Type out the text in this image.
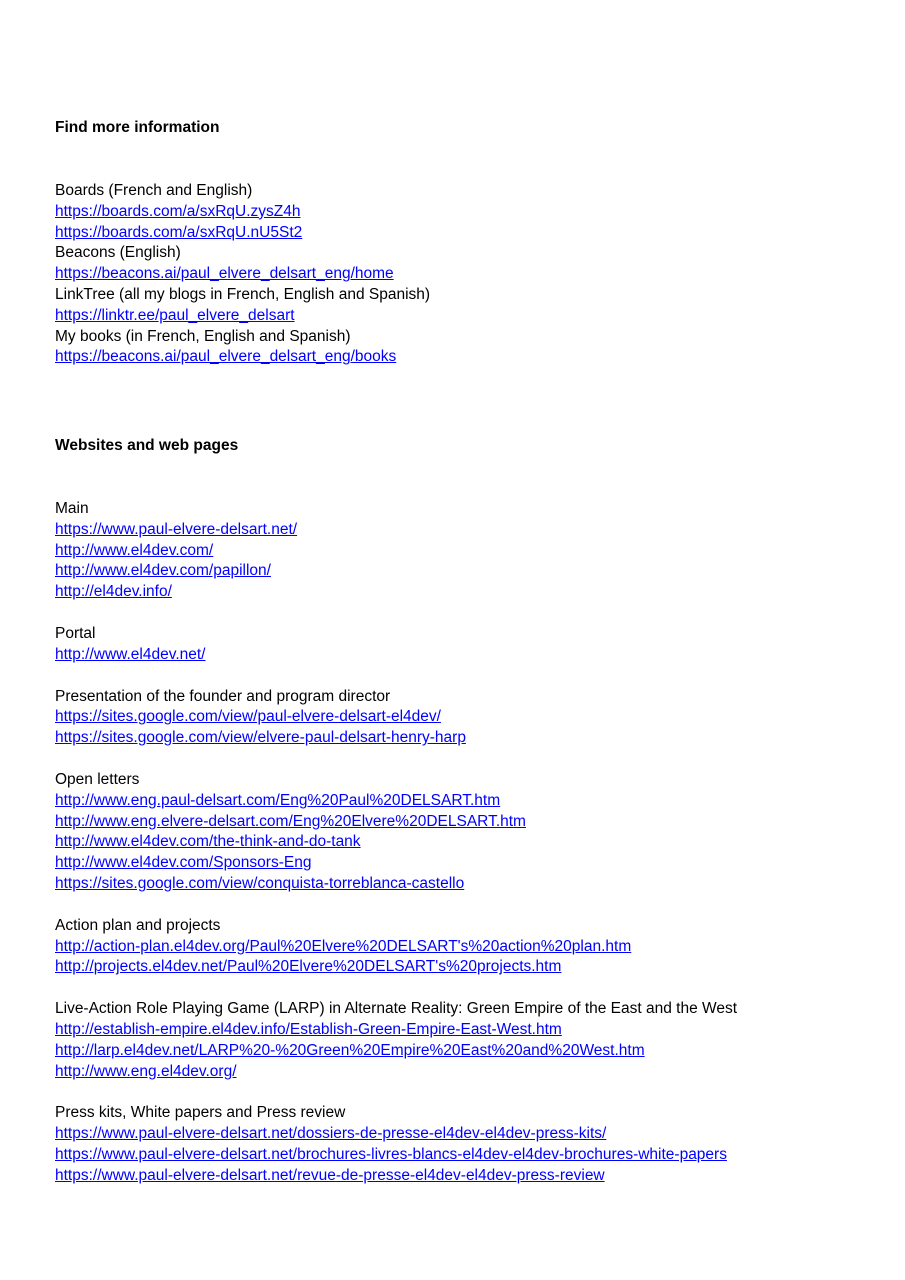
Find more information
Boards (French and English)
https://boards.com/a/sxRqU.zysZ4h
https://boards.com/a/sxRqU.nU5St2
Beacons (English)
https://beacons.ai/paul_elvere_delsart_eng/home
LinkTree (all my blogs in French, English and Spanish)
https://linktr.ee/paul_elvere_delsart
My books (in French, English and Spanish)
https://beacons.ai/paul_elvere_delsart_eng/books
Websites and web pages
Main
https://www.paul-elvere-delsart.net/
http://www.el4dev.com/
http://www.el4dev.com/papillon/
http://el4dev.info/
Portal
http://www.el4dev.net/
Presentation of the founder and program director
https://sites.google.com/view/paul-elvere-delsart-el4dev/
https://sites.google.com/view/elvere-paul-delsart-henry-harp
Open letters
http://www.eng.paul-delsart.com/Eng%20Paul%20DELSART.htm
http://www.eng.elvere-delsart.com/Eng%20Elvere%20DELSART.htm
http://www.el4dev.com/the-think-and-do-tank
http://www.el4dev.com/Sponsors-Eng
https://sites.google.com/view/conquista-torreblanca-castello
Action plan and projects
http://action-plan.el4dev.org/Paul%20Elvere%20DELSART's%20action%20plan.htm
http://projects.el4dev.net/Paul%20Elvere%20DELSART's%20projects.htm
Live-Action Role Playing Game (LARP) in Alternate Reality: Green Empire of the East and the West
http://establish-empire.el4dev.info/Establish-Green-Empire-East-West.htm
http://larp.el4dev.net/LARP%20-%20Green%20Empire%20East%20and%20West.htm
http://www.eng.el4dev.org/
Press kits, White papers and Press review
https://www.paul-elvere-delsart.net/dossiers-de-presse-el4dev-el4dev-press-kits/
https://www.paul-elvere-delsart.net/brochures-livres-blancs-el4dev-el4dev-brochures-white-papers
https://www.paul-elvere-delsart.net/revue-de-presse-el4dev-el4dev-press-review
